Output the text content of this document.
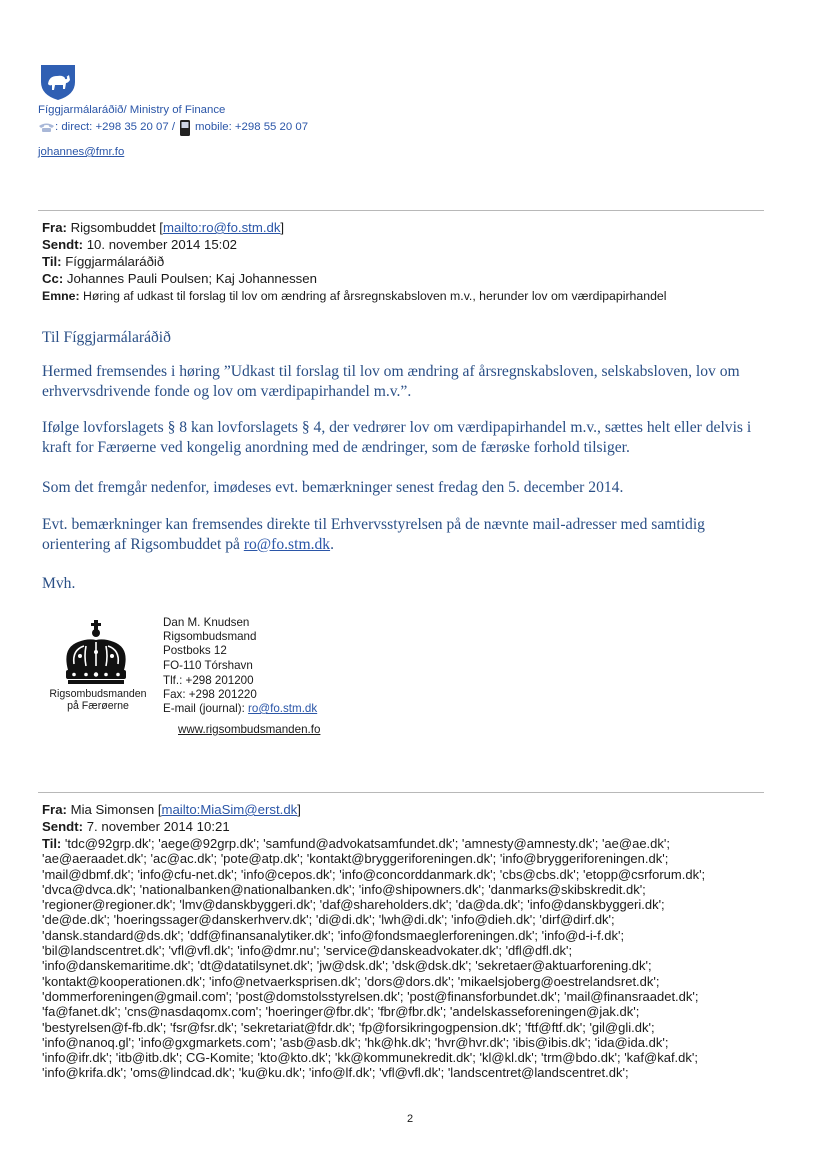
Fíggjarmálaráðið/ Ministry of Finance
: direct: +298 35 20 07 / mobile: +298 55 20 07
johannes@fmr.fo
Fra: Rigsombuddet [mailto:ro@fo.stm.dk]
Sendt: 10. november 2014 15:02
Til: Fíggjarmálaráðið
Cc: Johannes Pauli Poulsen; Kaj Johannessen
Emne: Høring af udkast til forslag til lov om ændring af årsregnskabsloven m.v., herunder lov om værdipapirhandel

Til Fíggjarmálaráðið

Hermed fremsendes i høring ”Udkast til forslag til lov om ændring af årsregnskabsloven, selskabsloven, lov om erhvervsdrivende fonde og lov om værdipapirhandel m.v.”.

Ifølge lovforslagets § 8 kan lovforslagets § 4, der vedrører lov om værdipapirhandel m.v., sættes helt eller delvis i kraft for Færøerne ved kongelig anordning med de ændringer, som de færøske forhold tilsiger.

Som det fremgår nedenfor, imødeses evt. bemærkninger senest fredag den 5. december 2014.

Evt. bemærkninger kan fremsendes direkte til Erhvervsstyrelsen på de nævnte mail-adresser med samtidig orientering af Rigsombuddet på ro@fo.stm.dk.

Mvh.

Rigsombudsmanden
på Færøerne
Dan M. Knudsen
Rigsombudsmand
Postboks 12
FO-110 Tórshavn
Tlf.: +298 201200
Fax: +298 201220
E-mail (journal): ro@fo.stm.dk
www.rigsombudsmanden.fo
Fra: Mia Simonsen [mailto:MiaSim@erst.dk]
Sendt: 7. november 2014 10:21
Til: 'tdc@92grp.dk'; 'aege@92grp.dk'; 'samfund@advokatsamfundet.dk'; 'amnesty@amnesty.dk'; 'ae@ae.dk';
'ae@aeraadet.dk'; 'ac@ac.dk'; 'pote@atp.dk'; 'kontakt@bryggeriforeningen.dk'; 'info@bryggeriforeningen.dk';
'mail@dbmf.dk'; 'info@cfu-net.dk'; 'info@cepos.dk'; 'info@concorddanmark.dk'; 'cbs@cbs.dk'; 'etopp@csrforum.dk';
'dvca@dvca.dk'; 'nationalbanken@nationalbanken.dk'; 'info@shipowners.dk'; 'danmarks@skibskredit.dk';
'regioner@regioner.dk'; 'lmv@danskbyggeri.dk'; 'daf@shareholders.dk'; 'da@da.dk'; 'info@danskbyggeri.dk';
'de@de.dk'; 'hoeringssager@danskerhverv.dk'; 'di@di.dk'; 'lwh@di.dk'; 'info@dieh.dk'; 'dirf@dirf.dk';
'dansk.standard@ds.dk'; 'ddf@finansanalytiker.dk'; 'info@fondsmaeglerforeningen.dk'; 'info@d-i-f.dk';
'bil@landscentret.dk'; 'vfl@vfl.dk'; 'info@dmr.nu'; 'service@danskeadvokater.dk'; 'dfl@dfl.dk';
'info@danskemaritime.dk'; 'dt@datatilsynet.dk'; 'jw@dsk.dk'; 'dsk@dsk.dk'; 'sekretaer@aktuarforening.dk';
'kontakt@kooperationen.dk'; 'info@netvaerksprisen.dk'; 'dors@dors.dk'; 'mikaelsjoberg@oestrelandsret.dk';
'dommerforeningen@gmail.com'; 'post@domstolsstyrelsen.dk'; 'post@finansforbundet.dk'; 'mail@finansraadet.dk';
'fa@fanet.dk'; 'cns@nasdaqomx.com'; 'hoeringer@fbr.dk'; 'fbr@fbr.dk'; 'andelskasseforeningen@jak.dk';
'bestyrelsen@f-fb.dk'; 'fsr@fsr.dk'; 'sekretariat@fdr.dk'; 'fp@forsikringogpension.dk'; 'ftf@ftf.dk'; 'gil@gli.dk';
'info@nanoq.gl'; 'info@gxgmarkets.com'; 'asb@asb.dk'; 'hk@hk.dk'; 'hvr@hvr.dk'; 'ibis@ibis.dk'; 'ida@ida.dk';
'info@ifr.dk'; 'itb@itb.dk'; CG-Komite; 'kto@kto.dk'; 'kk@kommunekredit.dk'; 'kl@kl.dk'; 'trm@bdo.dk'; 'kaf@kaf.dk';
'info@krifa.dk'; 'oms@lindcad.dk'; 'ku@ku.dk'; 'info@lf.dk'; 'vfl@vfl.dk'; 'landscentret@landscentret.dk';
2
